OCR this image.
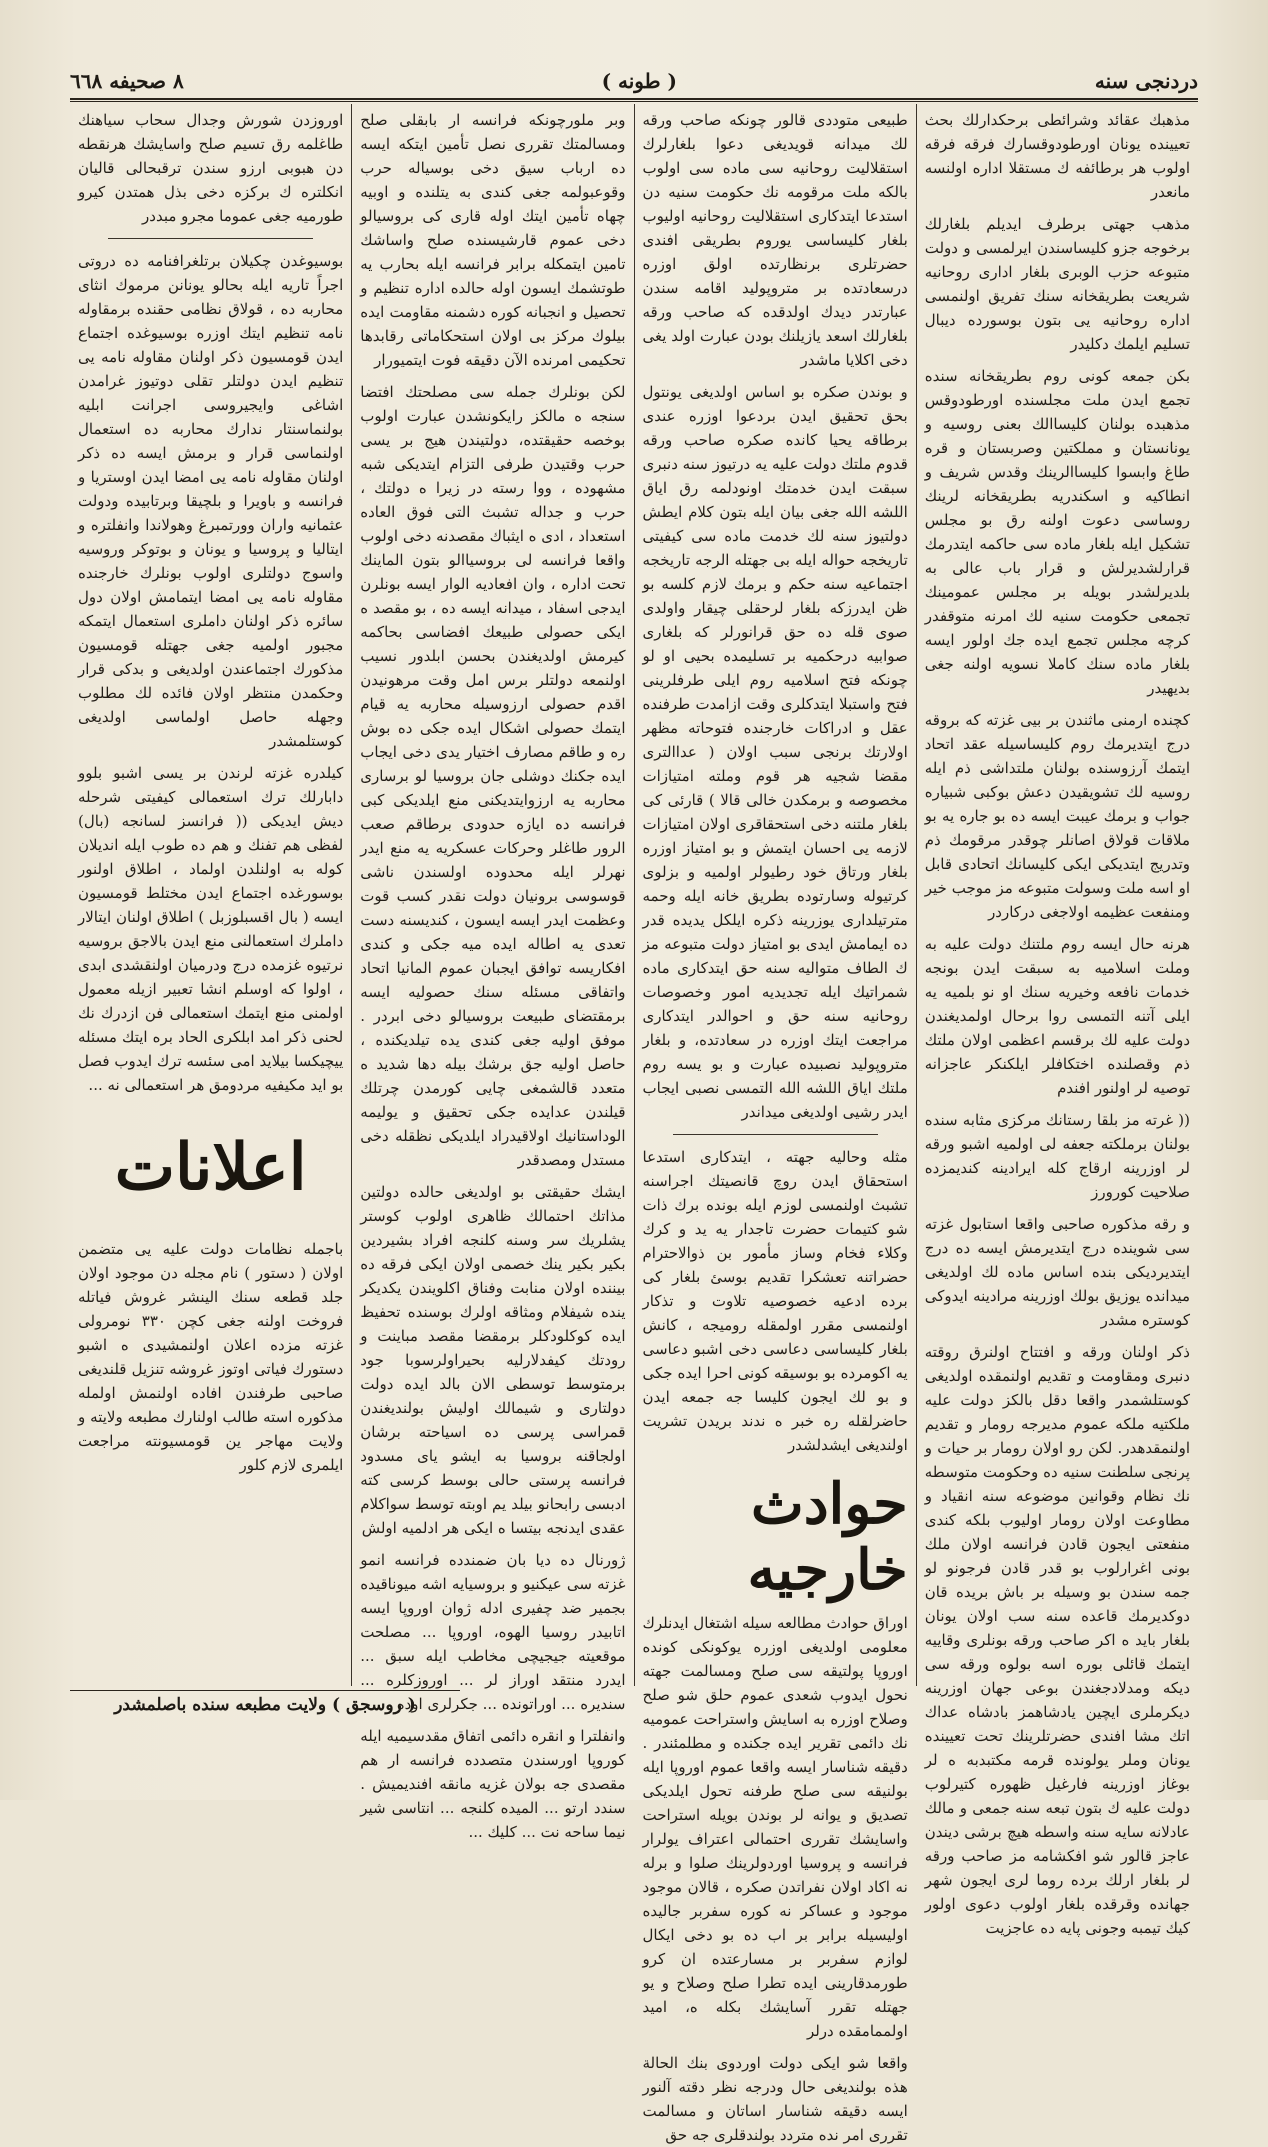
دردنجی سنه
( طونه )
٨ صحیفه ٦٦٨

مذهبك عقائد وشرائطی برحکدارلك بحث تعیینده یونان اورطودوقسارك فرقه فرقه اولوب هر برطائفه ك مستقلا اداره اولنسه مانعدر

مذهب جهتی برطرف ایدیلم بلغارلك برخوجه جزو كلیساسندن ایرلمسی و دولت متبوعه حزب الوبری بلغار اداری روحانیه شریعت بطریقخانه سنك تفریق اولنمسی اداره روحانیه یی بتون بوسورده دیبال تسلیم ایلمك دكلیدر

بكن جمعه كونی روم بطریقخانه سنده تجمع ایدن ملت مجلسنده اورطودوقس مذهبده بولنان كلیساالك بعنی روسیه و یونانستان و مملكتین وصربستان و قره طاغ وابسوا كلیساالرینك وقدس شریف و انطاكیه و اسكندریه بطریقخانه لرینك روساسی دعوت اولنه رق بو مجلس تشكیل ایله بلغار ماده سی حاكمه ایتدرمك قرارلشدیرلش و قرار باب عالی به بلدیرلشدر بویله بر مجلس عمومینك تجمعی حكومت سنیه لك امرنه متوقفدر كرچه مجلس تجمع ایده جك اولور ایسه بلغار ماده سنك كاملا نسویه اولنه جغی بدیهیدر

كچنده ارمنی ماثندن بر بیی غزته كه بروقه درج ایتدیرمك روم كلیساسیله عقد اتحاد ایتمك آرزوسنده بولنان ملتداشی ذم ایله روسیه لك تشویقیدن دعش بوكبی شبیاره جواب و برمك عیبت ایسه ده بو جاره یه بو ملاقات قولاق اصانلر چوقدر مرقومك ذم وتدریج ایتدیكی ایكی كلیسانك اتحادی قابل او اسه ملت وسولت متبوعه مز موجب خیر ومنفعت عظیمه اولاجغی دركاردر

هرنه حال ایسه روم ملتنك دولت علیه به وملت اسلامیه به سبقت ایدن بونجه خدمات نافعه وخیریه سنك او نو بلمیه یه ایلی آتنه التمسی روا برحال اولمدیغندن دولت علیه لك برقسم اعظمی اولان ملتك ذم وقصلنده اختكافلر ایلكنكر عاجزانه توصیه لر اولنور افندم

(( غرته مز بلقا رستانك مركزی مثابه سنده بولنان برملكته جعفه لی اولمیه اشبو ورقه لر اوزرینه ارقاج كله ایرادینه كندیمزده صلاحیت كورورز

و رقه مذكوره صاحبی واقعا استابول غزته سی شوینده درج ایتدیرمش ایسه ده درج ایتدیردیكی بنده اساس ماده لك اولدیغی میدانده یوزیق بولك اوزرینه مرادینه ایدوكی كوستره مشدر

ذكر اولنان ورقه و افتتاح اولنرق روقته دنبری ومقاومت و تقدیم اولنمقده اولدیغی كوستلشمدر واقعا دقل بالكز دولت علیه ملكتیه ملكه عموم مدیرجه رومار و تقدیم اولنمقدهدر. لكن رو اولان رومار بر حیات و پرنجی سلطنت سنیه ده وحكومت متوسطه نك نظام وقوانین موضوعه سنه انقیاد و مطاوعت اولان رومار اولیوب بلكه كندی منفعتی ایجون قادن فرانسه اولان ملك بونی اغرارلوب بو قدر قادن فرجونو لو جمه سندن بو وسیله بر باش بریده قان دوكدیرمك قاعده سنه سب اولان یونان بلغار باید ه اكر صاحب ورقه بونلری وقاییه ایتمك قائلی بوره اسه بولوه ورقه سی دیكه ومدلادجغندن بوعی جهان اوزرینه دیكرملری ایچین یادشاهمز بادشاه عداك اتك مشا افندی حضرتلرینك تحت تعیینده یونان وملر یولونده قرمه مكتبدبه ه لر بوغاز اوزرینه فارغیل ظهوره كتیرلوب دولت علیه ك بتون تبعه سنه جمعی و مالك عادلانه سایه سنه واسطه هیچ برشی دیندن عاجز قالور شو افكشامه مز صاحب ورقه لر بلغار ارلك برده روما لری ایجون شهر جهانده وقرقده بلغار اولوب دعوی اولور كیك تیمبه وجونی پایه ده عاجزیت

طبیعی متوددی قالور چونكه صاحب ورقه لك میدانه قویدیغی دعوا بلغارلرك استقلالیت روحانیه سی ماده سی اولوب بالكه ملت مرقومه نك حكومت سنیه دن استدعا ایتدكاری استقلالیت روحانیه اولیوب بلغار كلیساسی یوروم بطریقی افندی حضرتلری برنظارتده اولق اوزره درسعادتده بر متروپولید اقامه سندن عبارتدر دیدك اولدقده كه صاحب ورقه بلغارلك اسعد یازیلنك بودن عبارت اولد یغی دخی اكلایا ماشدر

و بوندن صكره بو اساس اولدیغی یونتول بحق تحقیق ایدن بردعوا اوزره عندی برطاقه یحیا كانده صكره صاحب ورقه قدوم ملتك دولت علیه یه درتیوز سنه دنبری سبقت ایدن خدمتك اونودلمه رق ایاق اللشه الله جغی بیان ایله بتون كلام ایطش دولتیوز سنه لك خدمت ماده سی كیفیتی تاریخجه حواله ایله بی جهتله الرجه تاریخجه اجتماعیه سنه حكم و برمك لازم كلسه بو ظن ایدرزكه بلغار لرحقلی چیقار واولدی صوی قله ده حق قرانورلر كه بلغاری صوابیه درحكمیه بر تسلیمده بحیی او لو چونكه فتح اسلامیه روم ایلی طرفلرینی فتح واستبلا ایتدكلری وقت ازامدت طرفنده عقل و ادراكات خارجنده فتوحاته مظهر اولارتك برنجی سبب اولان ( عداالتری مقضا شجیه هر قوم وملته امتیازات مخصوصه و برمكدن خالی قالا ) قارئی كی بلغار ملتنه دخی استحقاقری اولان امتیازات لازمه یی احسان ایتمش و بو امتیاز اوزره بلغار ورتاق خود رطیولر اولمیه و بزلوی كرتیوله وسارتوده بطریق خانه ایله وحمه مترتیلداری یوزرینه ذكره ایلكل یدیده قدر ده ایمامش ایدی بو امتیاز دولت متبوعه مز ك الطاف متوالیه سنه حق ایتدكاری ماده شمراتیك ایله تجدیدیه امور وخصوصات روحانیه سنه حق و احوالدر ایتدكاری مراجعت ایتك اوزره در سعادتده، و بلغار متروپولید نصبیده عبارت و بو یسه روم ملتك ایاق اللشه الله التمسی نصبی ایجاب ایدر رشیی اولدیغی میداندر

مثله وحالیه جهته ، ایتدكاری استدعا استحقاق ایدن روچ قانصیتك اجراسنه تشبث اولنمسی لوزم ایله بونده برك ذات شو كتیمات حضرت تاجدار یه ید و كرك وكلاء فخام وساز مأمور بن ذوالاحترام حضراتنه تعشكرا تقدیم بوسئ بلغار كی برده ادعیه خصوصیه تلاوت و تذكار اولنمسی مقرر اولمقله رومیجه ، كانش بلغار كلیساسی دعاسی دخی اشبو دعاسی یه اكومرده بو بوسیقه كونی احرا ایده جكی و بو لك ایجون كلیسا جه جمعه ایدن حاضرلقله ره خبر ه ندند بریدن تشریت اولندیغی ایشدلشدر

حوادث خارجیه

اوراق حوادث مطالعه سیله اشتغال ایدنلرك معلومی اولدیغی اوزره یوكونكی كونده اوروپا پولتیقه سی صلح ومسالمت جهته نحول ایدوب شعدی عموم حلق شو صلح وصلاح اوزره به اسایش واستراحت عموميه نك دائمی تقریر ایده جكنده و مطلمئندر . دقیقه شناسار ایسه واقعا عموم اوروپا ایله بولنیقه سی صلح طرفنه تحول ایلدیكی تصدیق و یوانه لر بوندن بویله استراحت واسایشك تقرری احتمالی اعتراف یولرار فرانسه و پروسیا اوردولرینك صلوا و برله نه اكاد اولان نفراتدن صكره ، قالان موجود موجود و عساكر نه كوره سفربر جالیده اولیسیله برابر بر اب ده بو دخی ایكال لوازم سفربر بر مسارعتده ان كرو طورمدقارینی ایده تطرا صلح وصلاح و یو جهتله تقرر آسایشك بكله ه، امید اولممامقده درلر

واقعا شو ایكی دولت اوردوی بنك الحالة هذه بولندیغی حال ودرجه نظر دقته آلنور ایسه دقیقه شناسار اساتان و مسالمت تقرری امر نده متردد بولندقلری جه حق

وبر ملورچونكه فرانسه ار بابقلی صلح ومسالمتك تقرری نصل تأمین ایتكه ایسه ده ارباب سیق دخی بوسیاله حرب وقوعبولمه جغی كندی به یتلنده و اوبیه چهاه تأمین ایتك اوله قارى كی بروسیالو دخی عموم قارشیسنده صلح واساشك تامین ایتمكله برابر فرانسه ایله بحارب یه طوتشمك ایسون اوله حالده اداره تنظیم و تحصیل و انجبانه كوره دشمنه مقاومت ایده بیلوك مركز بی اولان استحكاماتی رقابدها تحكیمی امرنده الآن دقیقه فوت ایتمیورار

لكن بونلرك جمله سی مصلحتك افتضا سنجه ه مالكز رایكونشدن عبارت اولوب بوخصه حقیقتده، دولتیندن هیج بر یسی حرب وقتیدن طرفی التزام ایتدیكی شبه مشهوده ، ووا رسته در زیرا ه دولتك ، حرب و جداله تشبث التی فوق العاده استعداد ، ادی ه ایثباك مقصدنه دخی اولوب واقعا فرانسه لی بروسیاالو بتون الماینك تحت اداره ، وان افعادیه الوار ایسه بونلرن ایدجی اسفاد ، میدانه ایسه ده ، بو مقصد ه ایكی حصولی طبیعك افضاسی بحاكمه كیرمش اولدیغندن بحسن ابلدور نسیب اولنمعه دولتلر برس امل وقت مرهونیدن اقدم حصولی ارزوسیله محاربه یه قیام ایتمك حصولی اشكال ایده جكی ده بوش ره و طاقم مصارف اختیار یدی دخی ایجاب ایده جكنك دوشلی جان بروسیا لو برساری محاربه یه ارزوایتدیكنی منع ایلدیكی كبی فرانسه ده ایازه حدودی برطاقم صعب الرور طاغلر وحركات عسكریه یه منع ایدر نهرلر ایله محدوده اولسندن ناشی قوسوسی برونیان دولت نقدر كسب قوت وعظمت ایدر ایسه ایسون ، كندیسنه دست تعدی یه اطاله ایده میه جكی و كندی افكاریسه توافق ایجبان عموم المانیا اتحاد واتفاقی مسئله سنك حصولیه ایسه برمقتضای طبیعت بروسیالو دخی ابردر . موفق اولیه جغی كندی یده تیلدیكنده ، حاصل اولیه جق برشك بیله دها شدید ه متعدد قالشمغی چایی کورمدن چرتلك قیلندن عدایده جكی تحقیق و یولیمه الوداستانیك اولاقیدراد ایلدیكی نظقله دخی مستدل ومصدقدر

ایشك حقیقتی بو اولدیغی حالده دولتین مذاتك احتمالك ظاهری اولوب كوستر یشلریك سر وسنه كلنجه افراد بشیردین بكیر بكیر ینك خصمی اولان ایكی فرقه ده بیننده اولان منابت وفناق اكلویندن یكدیكر ینده شیفلام ومثاقه اولرك بوسنده تحفیظ ایده كوكلودكلر برمقضا مقصد مباینت و رودتك كیفدلارلیه بحیراولرسوبا جود برمتوسط توسطی الان بالد ایده دولت دولتاری و شیمالك اولیش بولندیغندن قمراسی پرسی ده اسیاحته برشان اولجاقنه بروسیا به ایشو یای مسدود فرانسه پرستی حالی بوسط كرسی كته ادبسی رابحانو بیلد یم اوبته توسط سواكلام عقدی ایدنجه بیتسا ه ایكی هر ادلمیه اولش

ژورنال ده دیا بان ضمندده فرانسه انمو غزته سی عیكنیو و بروسیایه اشه میوناقیده بجمیر ضد چفیری ادله ژوان اوروپا ایسه اتابیدر روسیا الهوه، اوروپا ... مصلحت موقعیته جیجیچی مخاطب ایله سبق ... ایدرد منتقد اوراز لر ... اوروزكلره ... سندیره ... اوراتونده ... جكرلری اوده

وانفلترا و انقره دائمی اتفاق مقدسیمیه ایله كوروپا اورسندن متصدده فرانسه ار هم مقصدی جه بولان غزیه مانقه افندیمیش . سندد ارتو ... المیده كلنجه ... انتاسی شیر نیما ساحه نت ... كلیك ...

اوروزدن شورش وجدال سحاب سیاهنك طاغلمه رق تسیم صلح واسایشك هرنقطه دن هبوبی ارزو سندن ترقبحالی قالیان انكلتره ك برکزه دخی بذل همتدن كیرو طورمیه جغی عموما مجرو مبددر

بوسیوغدن چكیلان برتلغرافنامه ده دروتی اجراً تاریه ایله بحالو یونانن مرموك انثای محاربه ده ، قولاق نظامی حقنده برمقاوله نامه تنظیم ایتك اوزره بوسیوغده اجتماع ایدن قومسیون ذكر اولنان مقاوله نامه یی تنظیم ایدن دولتلر تقلی دوتیوز غرامدن اشاغی وایجیروسی اجرانت ابلیه بولنماسنتار ندارك محاربه ده استعمال اولنماسی قرار و برمش ایسه ده ذكر اولنان مقاوله نامه یی امضا ایدن اوستریا و فرانسه و باویرا و بلچیقا وبرتابیده ودولت عثمانیه واران وورتمبرغ وهولاندا وانفلتره و ایتالیا و پروسیا و یونان و بوتوكر وروسیه واسوج دولتلری اولوب بونلرك خارجنده مقاوله نامه یی امضا ایتمامش اولان دول سائره ذكر اولنان داملری استعمال ایتمكه مجبور اولمیه جغی جهتله قومسیون مذكورك اجتماعندن اولدیغی و بدكی قرار وحكمدن منتظر اولان فائده لك مطلوب وجهله حاصل اولماسی اولدیغی كوستلمشدر

كیلدره غزته لرندن بر یسی اشبو بلوو دابارلك ترك استعمالی كیفیتی شرحله دیش ایدیكی (( فرانسز لسانجه (بال) لفظی هم تفنك و هم ده طوب ایله اندیلان كوله به اولنلدن اولماد ، اطلاق اولنور بوسورغده اجتماع ایدن مختلط قومسیون ایسه ( بال اقسبلوزبل ) اطلاق اولنان ایتالار داملرك استعمالنی منع ایدن بالاجق بروسیه نرتیوه غزمده درج ودرمیان اولنقشدی ابدی ، اولوا كه اوسلم انشا تعبیر ازیله معمول اولمنی منع ایتمك استعمالی فن ازدرك نك لحنی ذكر امد ابلكری الحاد بره ایتك مسئله ییچیكسا بیلاید امی سئسه ترك ایدوب فصل بو اید مكیفیه مردومق هر استعمالی نه ...

اعلانات

باجمله نظامات دولت علیه یی متضمن اولان ( دستور ) نام مجله دن موجود اولان جلد قطعه سنك الینشر غروش فیاتله فروخت اولنه جغی كچن ٣٣٠ نومرولی غزته مزده اعلان اولنمشیدی ه اشبو دستورك فیاتی اوتوز غروشه تنزیل قلندیغی صاحبی طرفندن افاده اولنمش اولمله مذكوره استه طالب اولنارك مطبعه ولایته و ولایت مهاجر ین قومسیونته مراجعت ایلمری لازم كلور

( روسجق ) ولایت مطبعه سنده باصلمشدر
